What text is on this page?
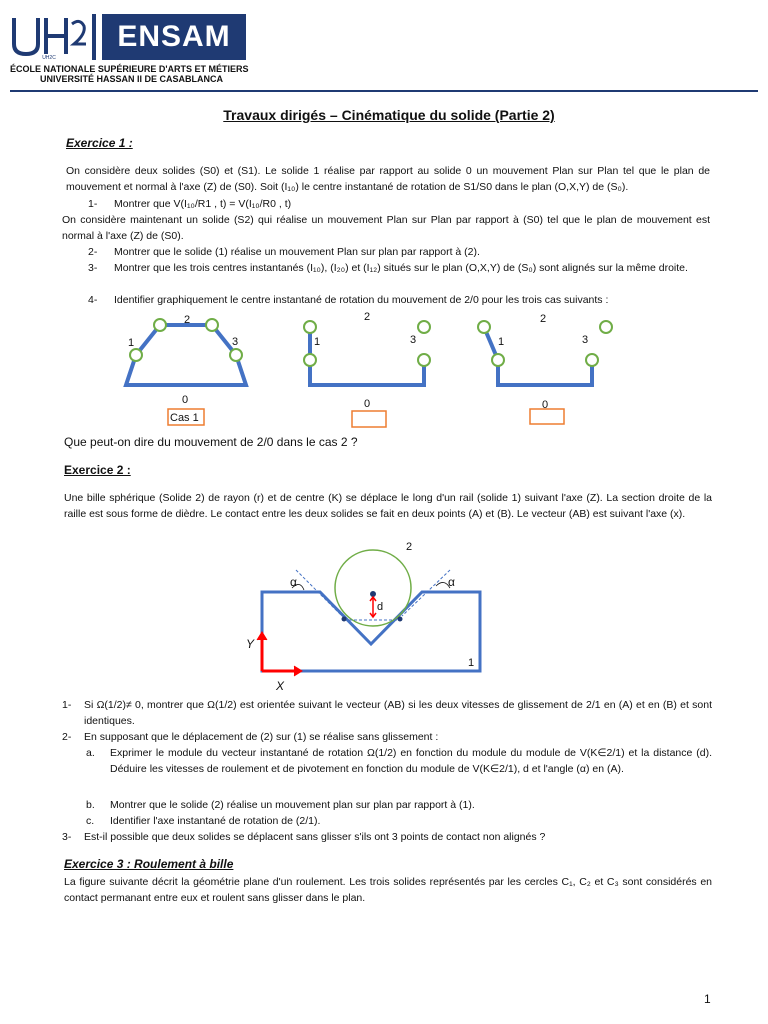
UH2C
ENSAM
ÉCOLE NATIONALE SUPÉRIEURE D'ARTS ET MÉTIERS
UNIVERSITÉ HASSAN II DE CASABLANCA
Travaux dirigés – Cinématique du solide (Partie 2)
Exercice 1 :
On considère deux solides (S0) et (S1). Le solide 1 réalise par rapport au solide 0 un mouvement Plan sur Plan tel que le plan de mouvement et normal à l'axe (Z) de (S0). Soit (I₁₀) le centre instantané de rotation de S1/S0 dans le plan (O,X,Y) de (S₀).
1- Montrer que V(I₁₀/R1 , t) = V(I₁₀/R0 , t)
On considère maintenant un solide (S2) qui réalise un mouvement Plan sur Plan par rapport à (S0) tel que le plan de mouvement est normal à l'axe (Z) de (S0).
2- Montrer que le solide (1) réalise un mouvement Plan sur plan par rapport à (2).
3-	Montrer que les trois centres instantanés (I₁₀), (I₂₀) et (I₁₂) situés sur le plan (O,X,Y) de (S₀) sont alignés sur la même droite.
4- Identifier graphiquement le centre instantané de rotation du mouvement de 2/0 pour les trois cas suivants :
2
1	3
0
2
1	3
0
2
1	3
0
Cas 1
Que peut-on dire du mouvement de 2/0 dans le cas 2 ?
Exercice 2 :
Une bille sphérique (Solide 2) de rayon (r) et de centre (K) se déplace le long d'un rail (solide 1) suivant l'axe (Z). La section droite de la raille est sous forme de dièdre. Le contact entre les deux solides se fait en deux points (A) et (B). Le vecteur (AB) est suivant l'axe (x).
α	α
d
2
1
Y
X
1-	Si Ω(1/2)≠ 0, montrer que Ω(1/2) est orientée suivant le vecteur (AB) si les deux vitesses de glissement de 2/1 en (A) et en (B) et sont identiques.
2-	En supposant que le déplacement de (2) sur (1) se réalise sans glissement :
a.	Exprimer le module du vecteur instantané de rotation Ω(1/2) en fonction du module du module de V(K∈2/1) et la distance (d). Déduire les vitesses de roulement et de pivotement en fonction du module de V(K∈2/1), d et l'angle (α) en (A).
b.	Montrer que le solide (2) réalise un mouvement plan sur plan par rapport à (1).
c.	Identifier l'axe instantané de rotation de (2/1).
3-	Est-il possible que deux solides se déplacent sans glisser s'ils ont 3 points de contact non alignés ?
Exercice 3 : Roulement à bille
La figure suivante décrit la géométrie plane d'un roulement. Les trois solides représentés par les cercles C₁, C₂ et C₃ sont considérés en contact permanant entre eux et roulent sans glisser dans le plan.
1
